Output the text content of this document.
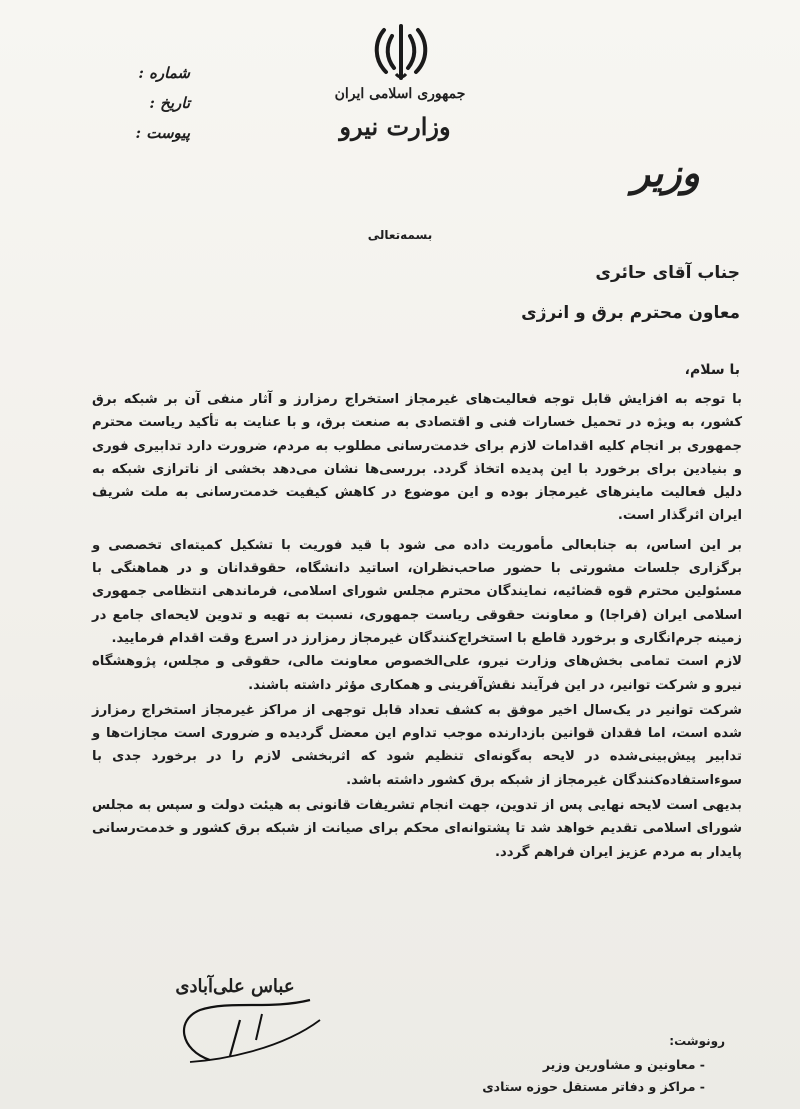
جمهوری اسلامی ایران
وزارت نیرو
شماره :
تاریخ :
پیوست :
وزیر
بسمه‌تعالی
جناب آقای حائری
معاون محترم برق و انرژی
با سلام،

با توجه به افزایش قابل توجه فعالیت‌های غیرمجاز استخراج رمزارز و آثار منفی آن بر شبکه برق کشور، به ویژه در تحمیل خسارات فنی و اقتصادی به صنعت برق، و با عنایت به تأکید ریاست محترم جمهوری بر انجام کلیه اقدامات لازم برای خدمت‌رسانی مطلوب به مردم، ضرورت دارد تدابیری فوری و بنیادین برای برخورد با این پدیده اتخاذ گردد. بررسی‌ها نشان می‌دهد بخشی از ناترازی شبکه به دلیل فعالیت ماینرهای غیرمجاز بوده و این موضوع در کاهش کیفیت خدمت‌رسانی به ملت شریف ایران اثرگذار است.

بر این اساس، به جنابعالی مأموریت داده می شود با قید فوریت با تشکیل کمیته‌ای تخصصی و برگزاری جلسات مشورتی با حضور صاحب‌نظران، اساتید دانشگاه، حقوقدانان و در هماهنگی با مسئولین محترم قوه قضائیه، نمایندگان محترم مجلس شورای اسلامی، فرماندهی انتظامی جمهوری اسلامی ایران (فراجا) و معاونت حقوقی ریاست جمهوری، نسبت به تهیه و تدوین لایحه‌ای جامع در زمینه جرم‌انگاری و برخورد قاطع با استخراج‌کنندگان غیرمجاز رمزارز در اسرع وقت اقدام فرمایید.

لازم است تمامی بخش‌های وزارت نیرو، علی‌الخصوص معاونت مالی، حقوقی و مجلس، پژوهشگاه نیرو و شرکت توانیر، در این فرآیند نقش‌آفرینی و همکاری مؤثر داشته باشند.

شرکت توانیر در یک‌سال اخیر موفق به کشف تعداد قابل توجهی از مراکز غیرمجاز استخراج رمزارز شده است، اما فقدان قوانین بازدارنده موجب تداوم این معضل گردیده و ضروری است مجازات‌ها و تدابیر پیش‌بینی‌شده در لایحه به‌گونه‌ای تنظیم شود که اثربخشی لازم را در برخورد جدی با سوءاستفاده‌کنندگان غیرمجاز از شبکه برق کشور داشته باشد.

بدیهی است لایحه نهایی پس از تدوین، جهت انجام تشریفات قانونی به هیئت دولت و سپس به مجلس شورای اسلامی تقدیم خواهد شد تا پشتوانه‌ای محکم برای صیانت از شبکه برق کشور و خدمت‌رسانی پایدار به مردم عزیز ایران فراهم گردد.

عباس علی‌آبادی
رونوشت:
- معاونین و مشاورین وزیر
- مراکز و دفاتر مستقل حوزه ستادی
